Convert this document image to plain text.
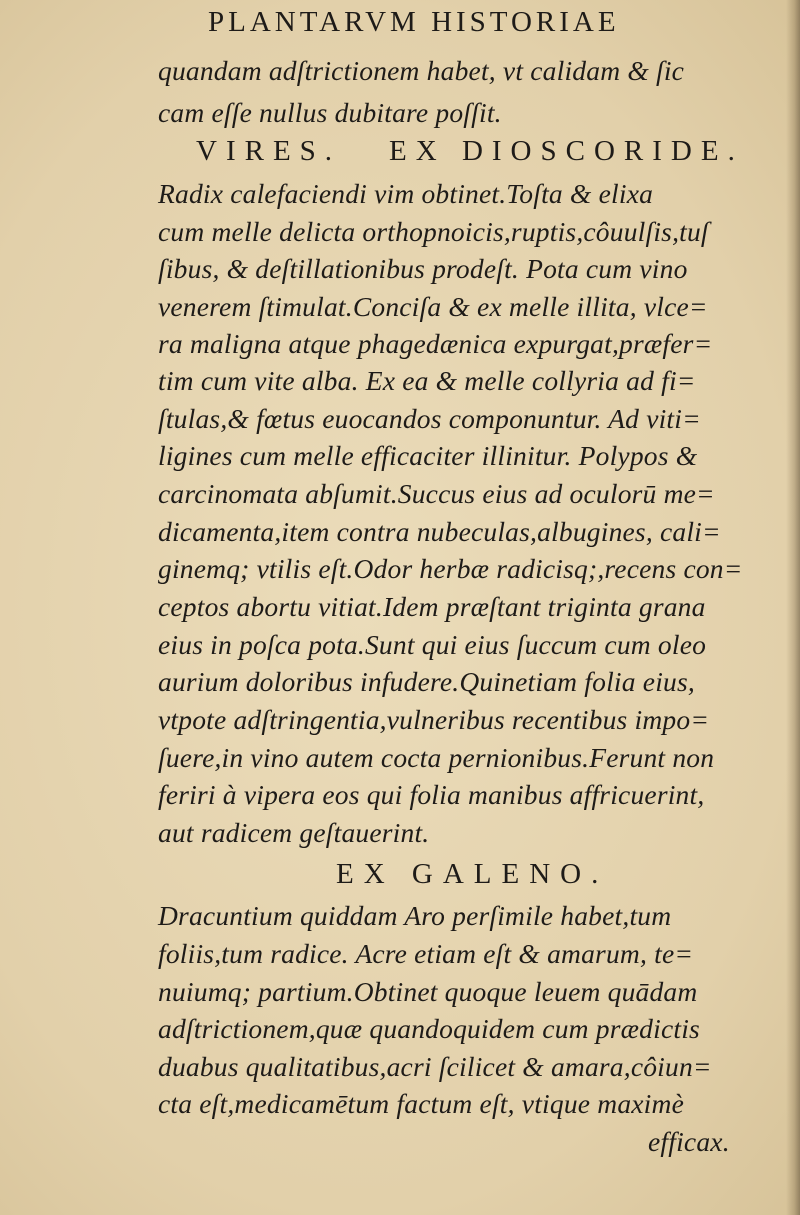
PLANTARVM HISTORIAE
quandam adſtrictionem habet, vt calidam & ſic
cam eſſe nullus dubitare poſſit.
VIRES. EX DIOSCORIDE.
Radix calefaciendi vim obtinet.Toſta & elixa
cum melle delicta orthopnoicis,ruptis,côuulſis,tuſ
ſibus, & deſtillationibus prodeſt. Pota cum vino
venerem ſtimulat.Conciſa & ex melle illita, vlce=
ra maligna atque phagedænica expurgat,præfer=
tim cum vite alba. Ex ea & melle collyria ad fi=
ſtulas,& fœtus euocandos componuntur. Ad viti=
ligines cum melle efficaciter illinitur. Polypos &
carcinomata abſumit.Succus eius ad oculorū me=
dicamenta,item contra nubeculas,albugines, cali=
ginemq; vtilis eſt.Odor herbæ radicisq;,recens con=
ceptos abortu vitiat.Idem præſtant triginta grana
eius in poſca pota.Sunt qui eius ſuccum cum oleo
aurium doloribus infudere.Quinetiam folia eius,
vtpote adſtringentia,vulneribus recentibus impo=
ſuere,in vino autem cocta pernionibus.Ferunt non
feriri à vipera eos qui folia manibus affricuerint,
aut radicem geſtauerint.
EX GALENO.
Dracuntium quiddam Aro perſimile habet,tum
foliis,tum radice. Acre etiam eſt & amarum, te=
nuiumq; partium.Obtinet quoque leuem quādam
adſtrictionem,quæ quandoquidem cum prædictis
duabus qualitatibus,acri ſcilicet & amara,côiun=
cta eſt,medicamētum factum eſt, vtique maximè
efficax.
